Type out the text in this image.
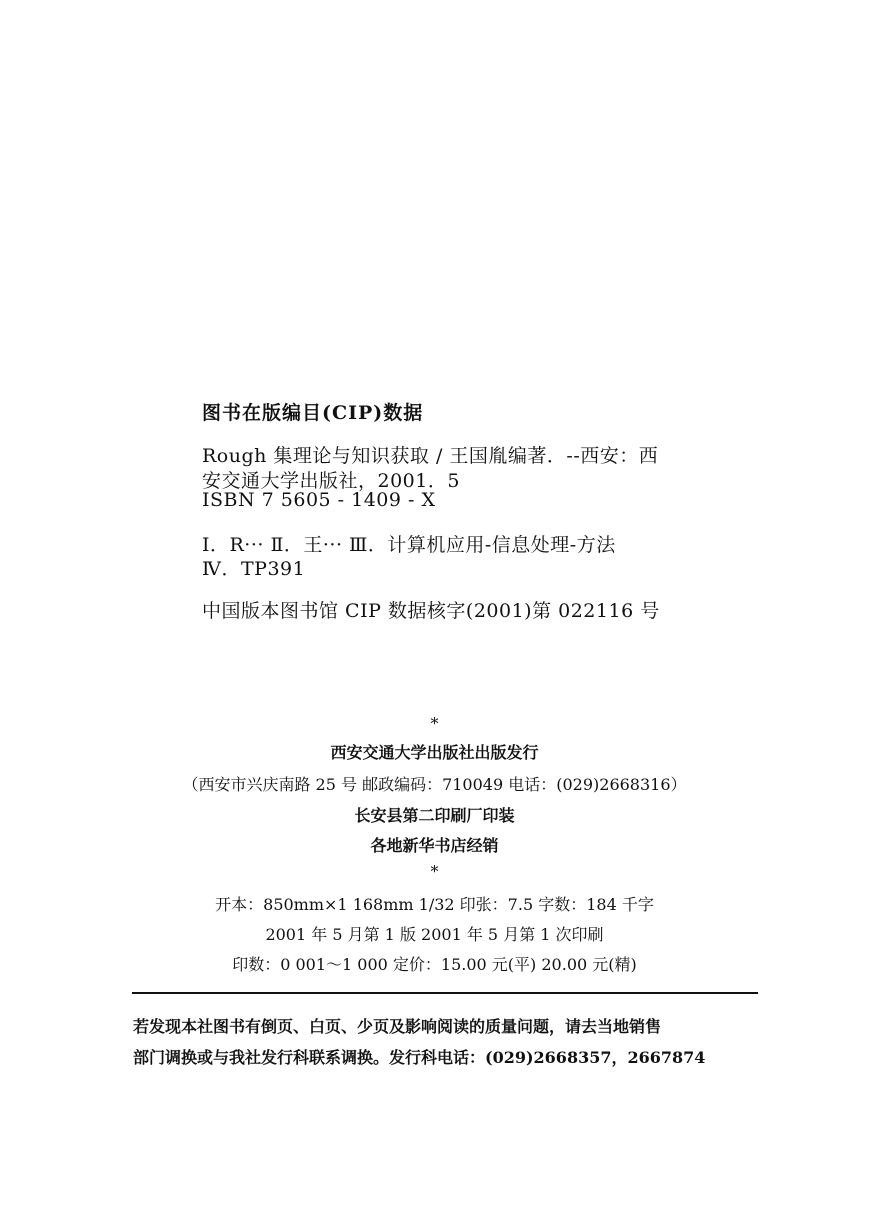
图书在版编目(CIP)数据
Rough 集理论与知识获取 / 王国胤编著．--西安：西
安交通大学出版社，2001．5
ISBN 7 5605 - 1409 - X
Ⅰ．R··· Ⅱ．王··· Ⅲ．计算机应用-信息处理-方法
Ⅳ．TP391
中国版本图书馆 CIP 数据核字(2001)第 022116 号
*
西安交通大学出版社出版发行
（西安市兴庆南路 25 号 邮政编码：710049 电话：(029)2668316）
长安县第二印刷厂印装
各地新华书店经销
*
开本：850mm×1 168mm 1/32 印张：7.5 字数：184 千字
2001 年 5 月第 1 版 2001 年 5 月第 1 次印刷
印数：0 001～1 000 定价：15.00 元(平) 20.00 元(精)
若发现本社图书有倒页、白页、少页及影响阅读的质量问题，请去当地销售
部门调换或与我社发行科联系调换。发行科电话：(029)2668357，2667874
